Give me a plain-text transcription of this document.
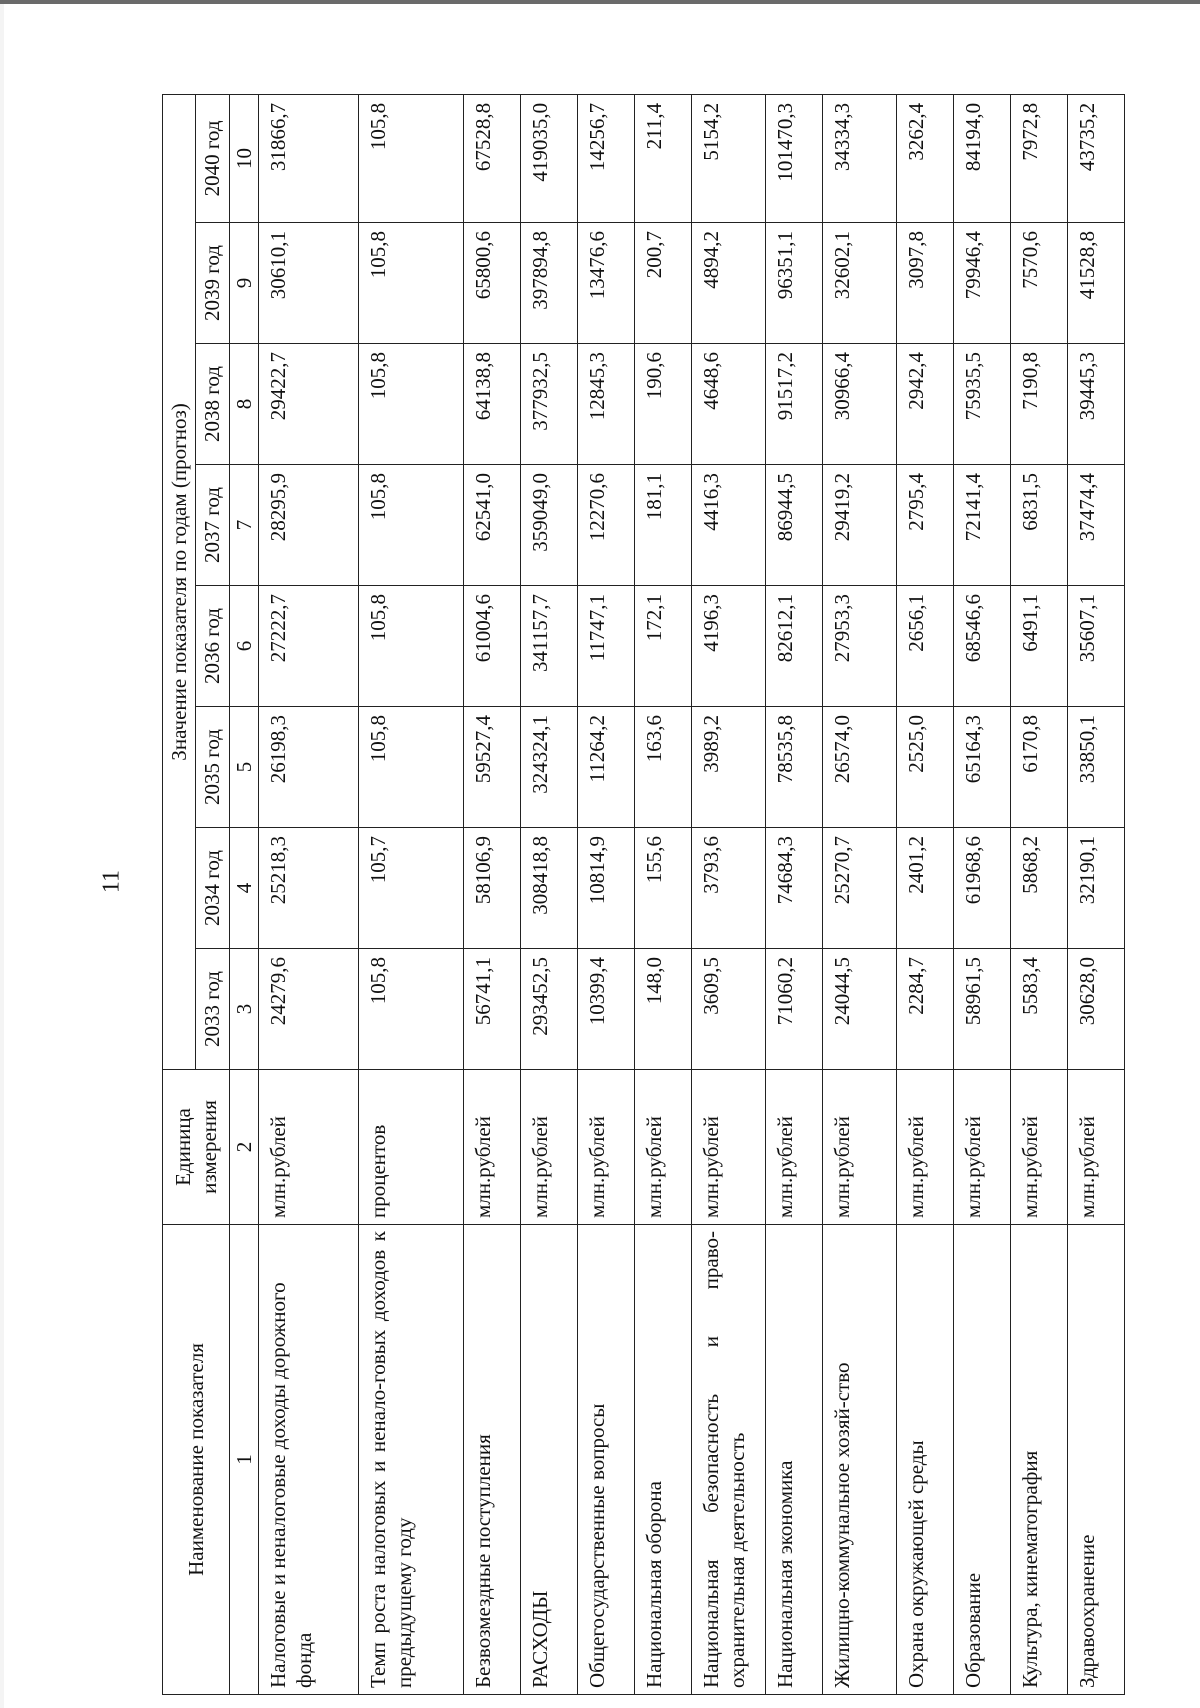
11
Наименование показателя	Единица измерения	Значение показателя по годам (прогноз)							
		2033 год	2034 год	2035 год	2036 год	2037 год	2038 год	2039 год	2040 год
1	2	3	4	5	6	7	8	9	10
Налоговые и неналоговые доходы дорожного фонда	млн.рублей	24279,6	25218,3	26198,3	27222,7	28295,9	29422,7	30610,1	31866,7
Темп роста налоговых и ненало-говых доходов к предыдущему году	процентов	105,8	105,7	105,8	105,8	105,8	105,8	105,8	105,8
Безвозмездные поступления	млн.рублей	56741,1	58106,9	59527,4	61004,6	62541,0	64138,8	65800,6	67528,8
РАСХОДЫ	млн.рублей	293452,5	308418,8	324324,1	341157,7	359049,0	377932,5	397894,8	419035,0
Общегосударственные вопросы	млн.рублей	10399,4	10814,9	11264,2	11747,1	12270,6	12845,3	13476,6	14256,7
Национальная оборона	млн.рублей	148,0	155,6	163,6	172,1	181,1	190,6	200,7	211,4
Национальная безопасность и право-охранительная деятельность	млн.рублей	3609,5	3793,6	3989,2	4196,3	4416,3	4648,6	4894,2	5154,2
Национальная экономика	млн.рублей	71060,2	74684,3	78535,8	82612,1	86944,5	91517,2	96351,1	101470,3
Жилищно-коммунальное хозяй-ство	млн.рублей	24044,5	25270,7	26574,0	27953,3	29419,2	30966,4	32602,1	34334,3
Охрана окружающей среды	млн.рублей	2284,7	2401,2	2525,0	2656,1	2795,4	2942,4	3097,8	3262,4
Образование	млн.рублей	58961,5	61968,6	65164,3	68546,6	72141,4	75935,5	79946,4	84194,0
Культура, кинематография	млн.рублей	5583,4	5868,2	6170,8	6491,1	6831,5	7190,8	7570,6	7972,8
Здравоохранение	млн.рублей	30628,0	32190,1	33850,1	35607,1	37474,4	39445,3	41528,8	43735,2
